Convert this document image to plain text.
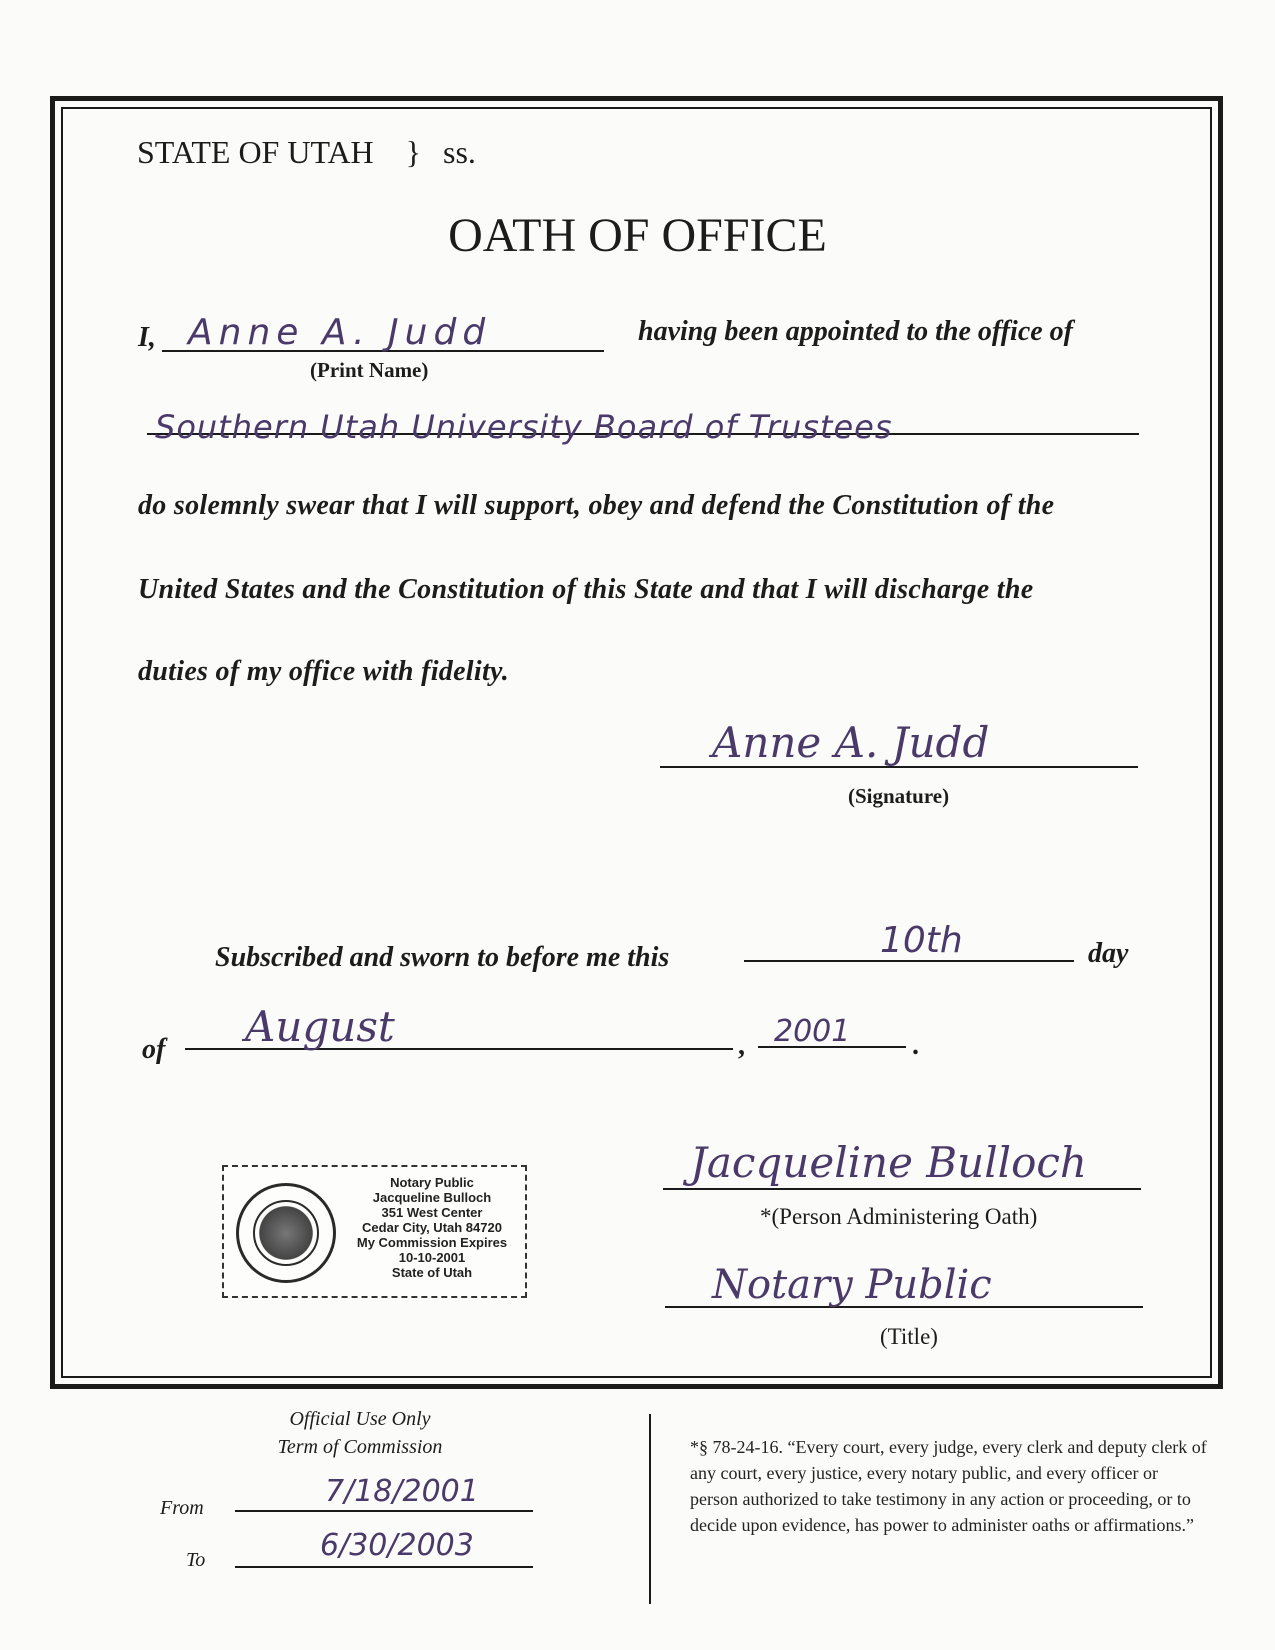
STATE OF UTAH } ss.
OATH OF OFFICE
I, Anne A. Judd
(Print Name)
having been appointed to the office of
Southern Utah University Board of Trustees
do solemnly swear that I will support, obey and defend the Constitution of the
United States and the Constitution of this State and that I will discharge the
duties of my office with fidelity.
Anne A. Judd
(Signature)
Subscribed and sworn to before me this	10th	day
of August	, 2001 .
Notary Public
Jacqueline Bulloch
351 West Center
Cedar City, Utah 84720
My Commission Expires
10-10-2001
State of Utah
Jacqueline Bulloch
*(Person Administering Oath)
Notary Public
(Title)
Official Use Only
Term of Commission
From	7/18/2001
To	6/30/2003
*§ 78-24-16. “Every court, every judge, every clerk and deputy clerk of any court, every justice, every notary public, and every officer or person authorized to take testimony in any action or proceeding, or to decide upon evidence, has power to administer oaths or affirmations.”
